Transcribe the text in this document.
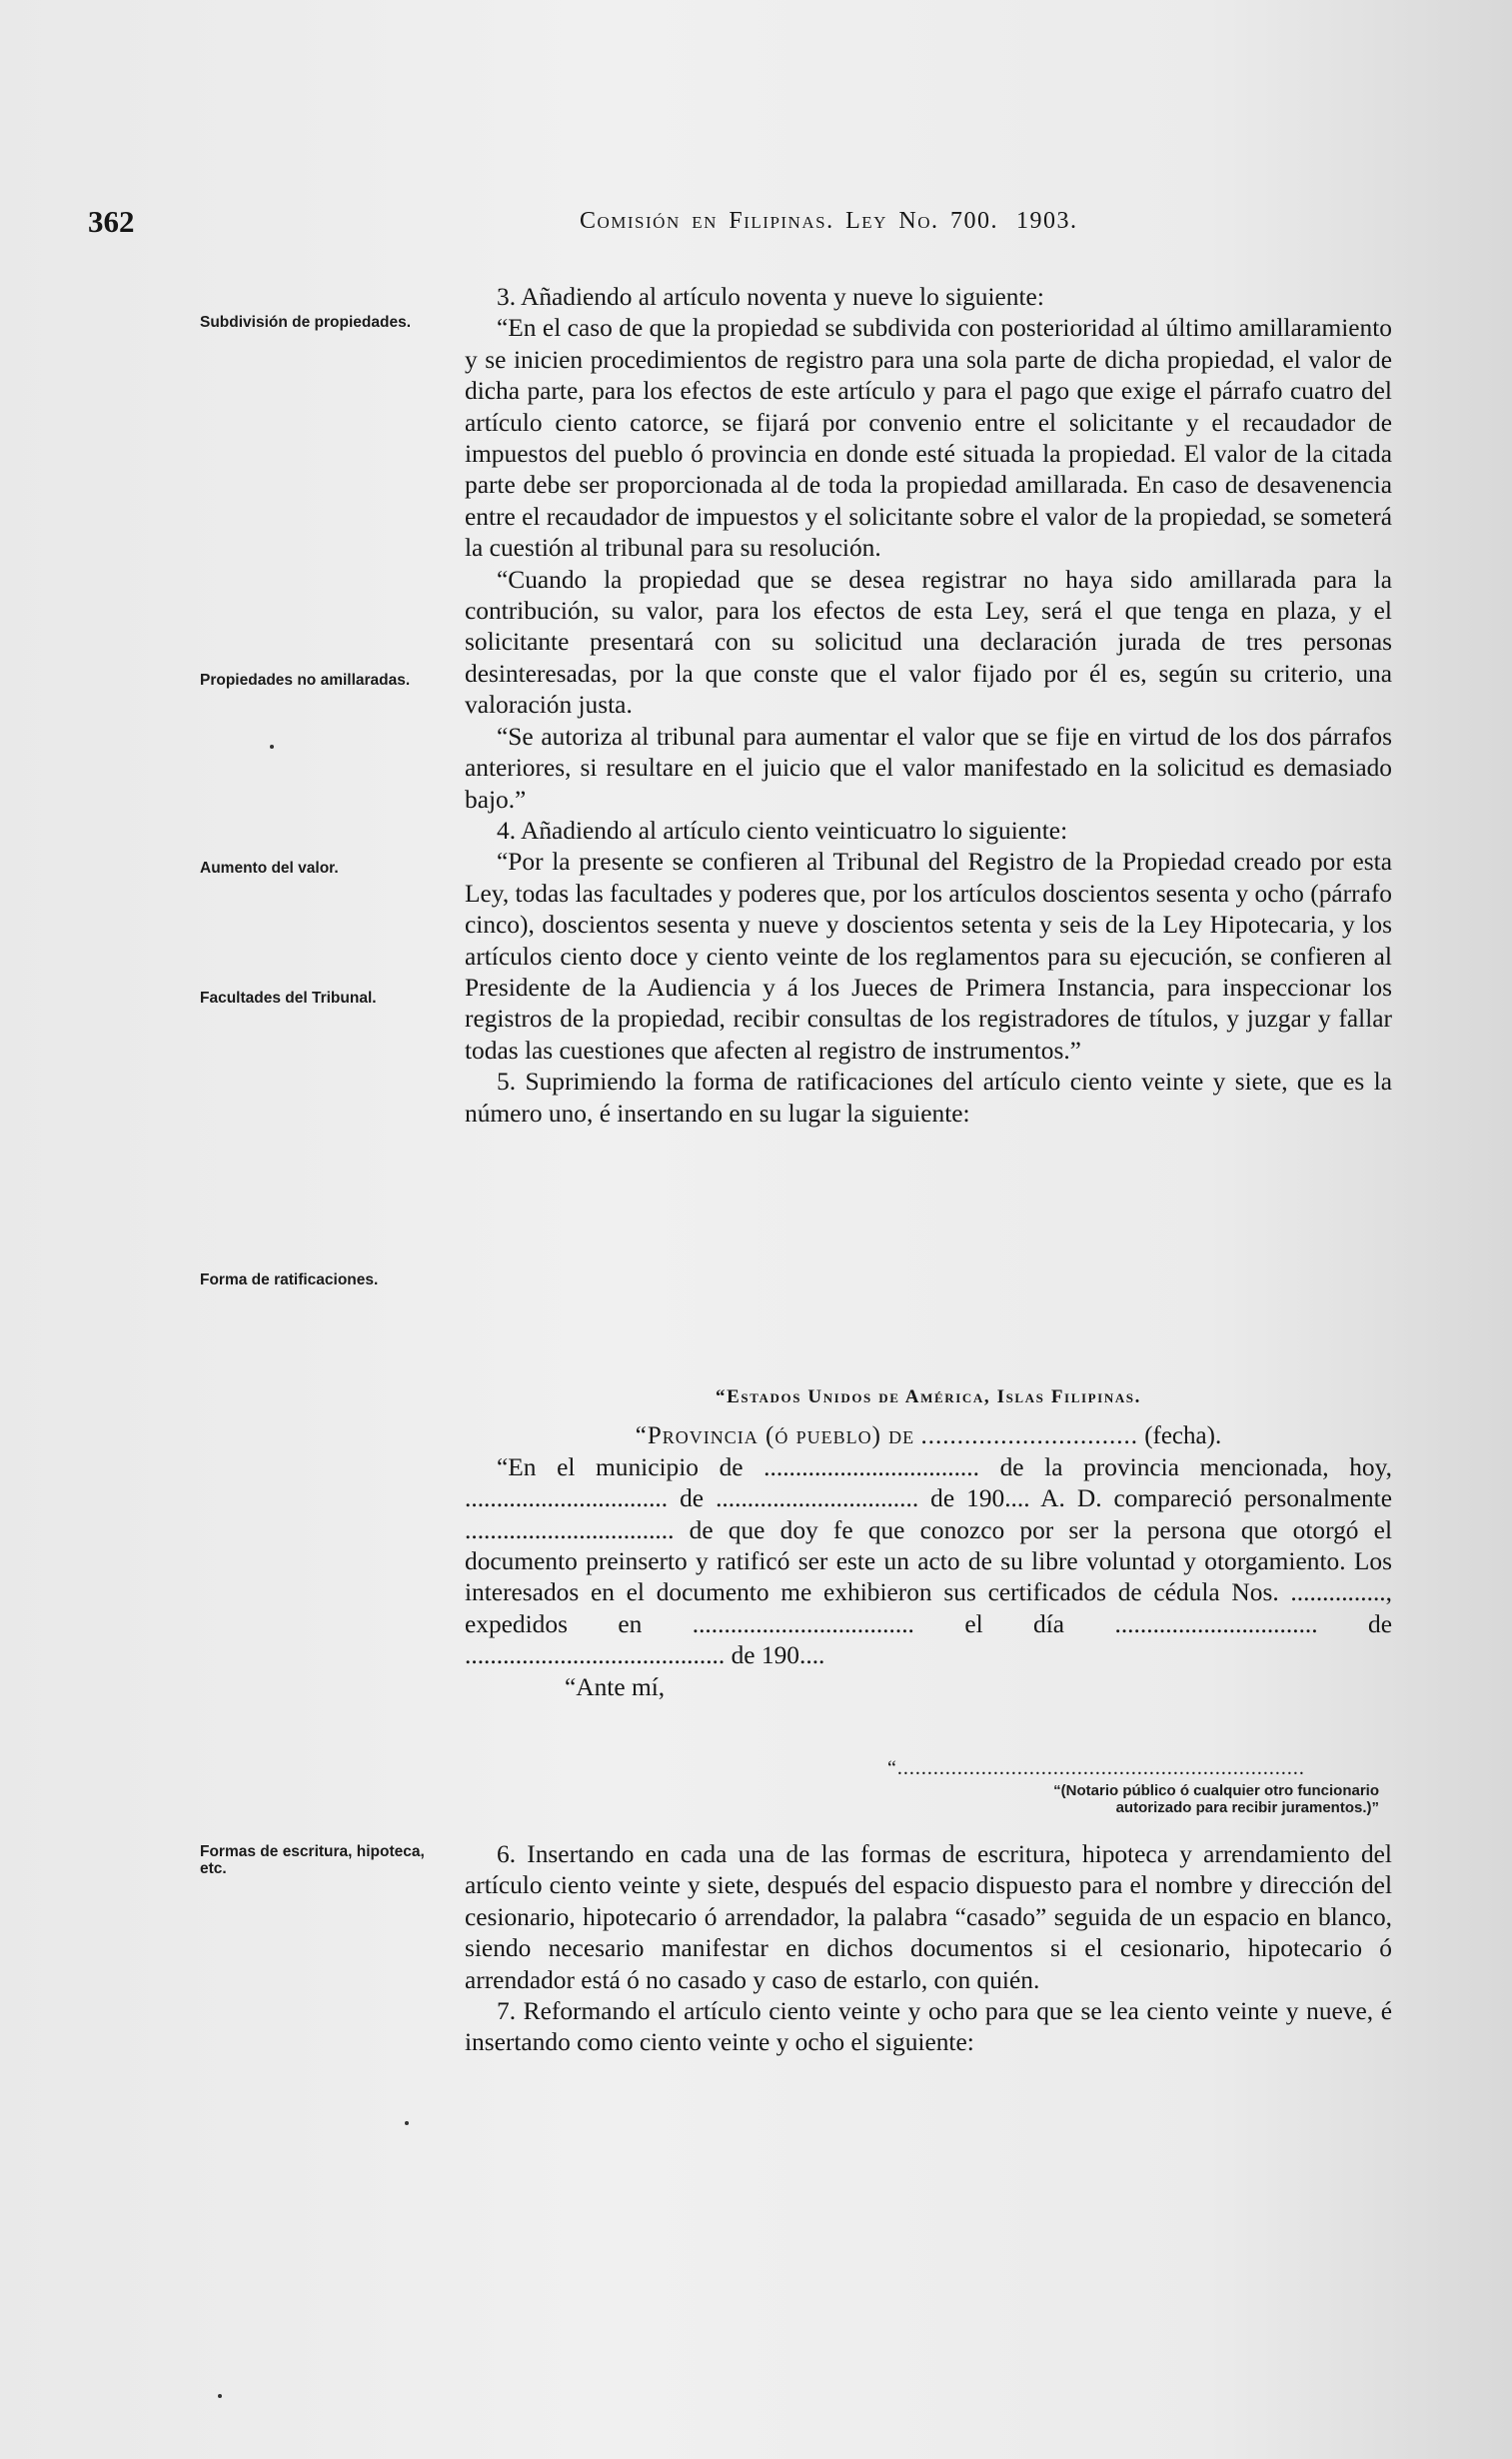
362	Comisión en Filipinas. Ley No. 700. 1903.
Subdivisión de propiedades.
Propiedades no amillaradas.
Aumento del valor.
Facultades del Tribunal.
Forma de ratificaciones.
Formas de escritura, hipoteca, etc.

3. Añadiendo al artículo noventa y nueve lo siguiente:

“En el caso de que la propiedad se subdivida con posterioridad al último amillaramiento y se inicien procedimientos de registro para una sola parte de dicha propiedad, el valor de dicha parte, para los efectos de este artículo y para el pago que exige el párrafo cuatro del artículo ciento catorce, se fijará por convenio entre el solicitante y el recaudador de impuestos del pueblo ó provincia en donde esté situada la propiedad. El valor de la citada parte debe ser proporcionada al de toda la propiedad amillarada. En caso de desavenencia entre el recaudador de impuestos y el solicitante sobre el valor de la propiedad, se someterá la cuestión al tribunal para su resolución.

“Cuando la propiedad que se desea registrar no haya sido amillarada para la contribución, su valor, para los efectos de esta Ley, será el que tenga en plaza, y el solicitante presentará con su solicitud una declaración jurada de tres personas desinteresadas, por la que conste que el valor fijado por él es, según su criterio, una valoración justa.

“Se autoriza al tribunal para aumentar el valor que se fije en virtud de los dos párrafos anteriores, si resultare en el juicio que el valor manifestado en la solicitud es demasiado bajo.”

4. Añadiendo al artículo ciento veinticuatro lo siguiente:

“Por la presente se confieren al Tribunal del Registro de la Propiedad creado por esta Ley, todas las facultades y poderes que, por los artículos doscientos sesenta y ocho (párrafo cinco), doscientos sesenta y nueve y doscientos setenta y seis de la Ley Hipotecaria, y los artículos ciento doce y ciento veinte de los reglamentos para su ejecución, se confieren al Presidente de la Audiencia y á los Jueces de Primera Instancia, para inspeccionar los registros de la propiedad, recibir consultas de los registradores de títulos, y juzgar y fallar todas las cuestiones que afecten al registro de instrumentos.”

5. Suprimiendo la forma de ratificaciones del artículo ciento veinte y siete, que es la número uno, é insertando en su lugar la siguiente:

“Estados Unidos de América, Islas Filipinas.
“Provincia (ó pueblo) de .............................. (fecha).
“En el municipio de .................................. de la provincia mencionada, hoy, ................................ de ................................ de 190.... A. D. compareció personalmente ................................. de que doy fe que conozco por ser la persona que otorgó el documento preinserto y ratificó ser este un acto de su libre voluntad y otorgamiento. Los interesados en el documento me exhibieron sus certificados de cédula Nos. ..............., expedidos en ................................... el día ................................ de ......................................... de 190....
“Ante mí,
“....................................................................
“(Notario público ó cualquier otro funcionario
autorizado para recibir juramentos.)”

6. Insertando en cada una de las formas de escritura, hipoteca y arrendamiento del artículo ciento veinte y siete, después del espacio dispuesto para el nombre y dirección del cesionario, hipotecario ó arrendador, la palabra “casado” seguida de un espacio en blanco, siendo necesario manifestar en dichos documentos si el cesionario, hipotecario ó arrendador está ó no casado y caso de estarlo, con quién.

7. Reformando el artículo ciento veinte y ocho para que se lea ciento veinte y nueve, é insertando como ciento veinte y ocho el siguiente:
